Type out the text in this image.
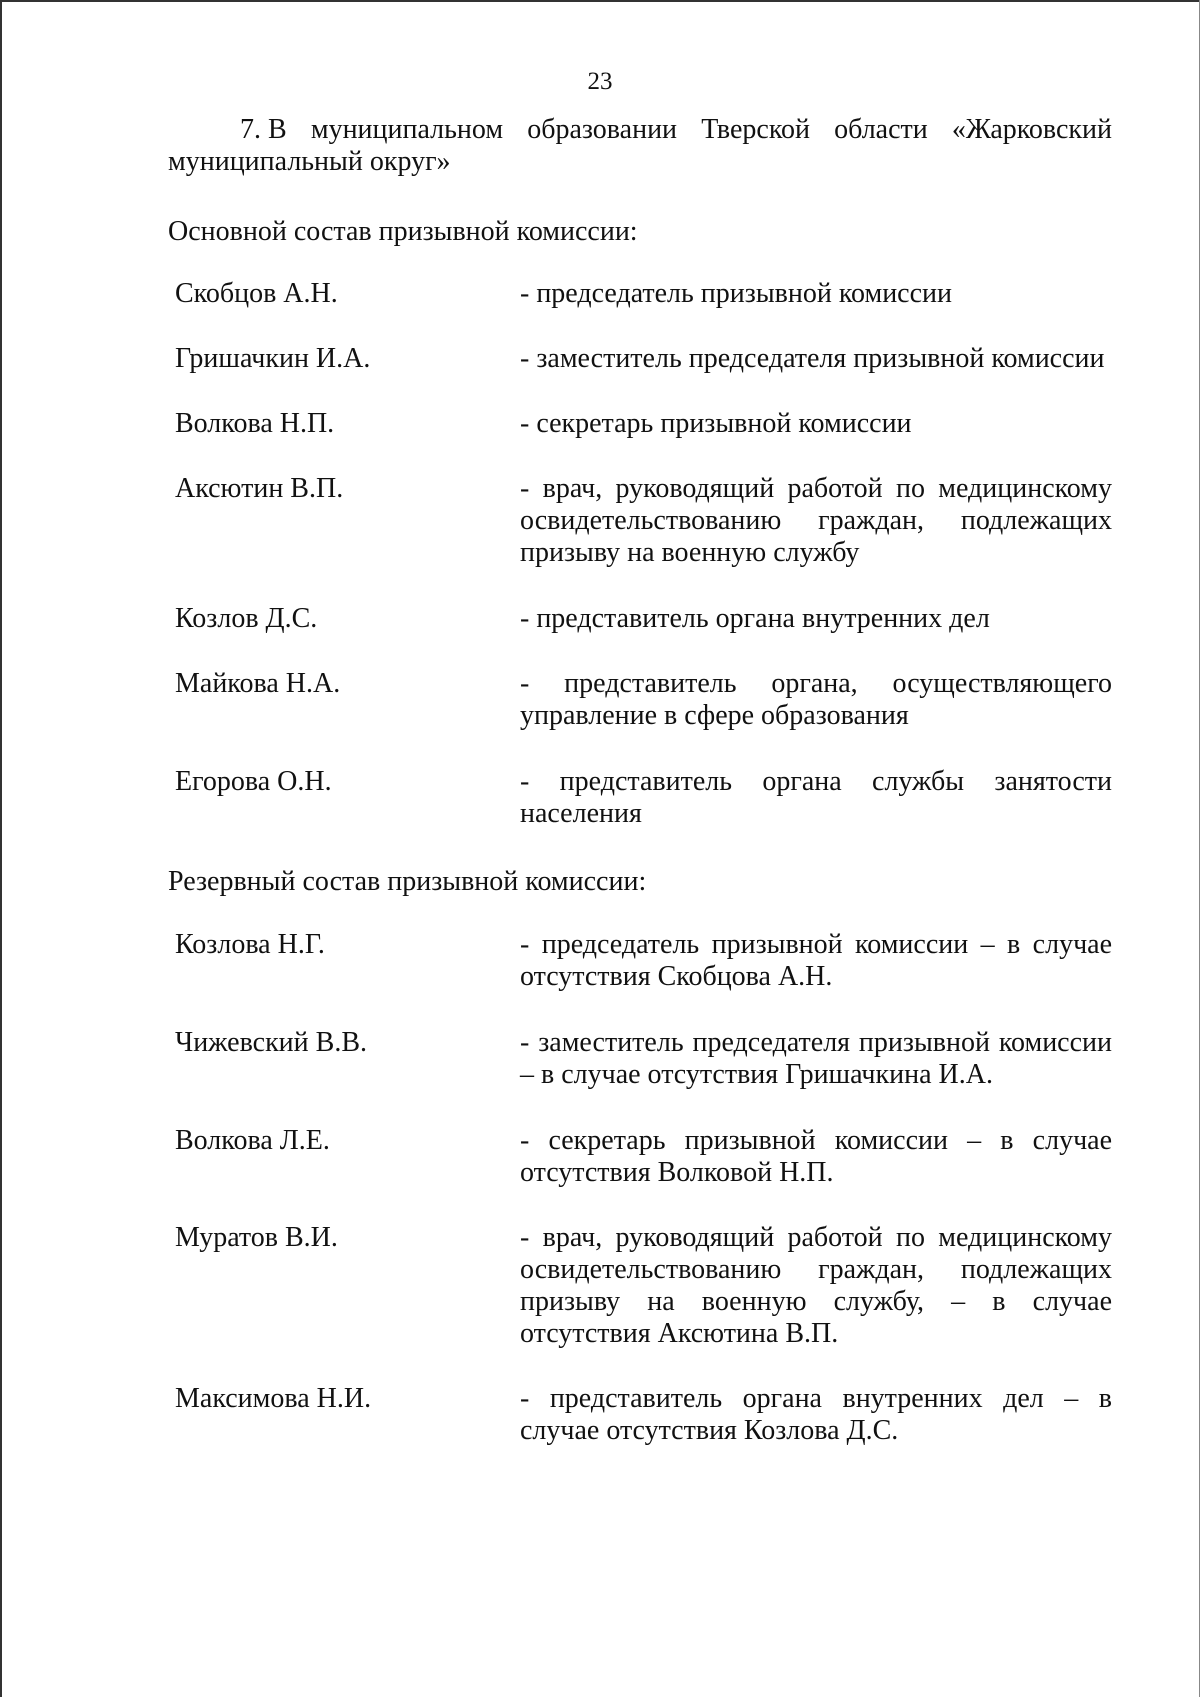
23
7. В муниципальном образовании Тверской области «Жарковский
муниципальный округ»
Основной состав призывной комиссии:
Скобцов А.Н.	- председатель призывной комиссии
Гришачкин И.А.	- заместитель председателя призывной комиссии
Волкова Н.П.	- секретарь призывной комиссии
Аксютин В.П.	- врач, руководящий работой по медицинскому освидетельствованию граждан, подлежащих призыву на военную службу
Козлов Д.С.	- представитель органа внутренних дел
Майкова Н.А.	- представитель органа, осуществляющего управление в сфере образования
Егорова О.Н.	- представитель органа службы занятости населения
Резервный состав призывной комиссии:
Козлова Н.Г.	- председатель призывной комиссии – в случае отсутствия Скобцова А.Н.
Чижевский В.В.	- заместитель председателя призывной комиссии – в случае отсутствия Гришачкина И.А.
Волкова Л.Е.	- секретарь призывной комиссии – в случае отсутствия Волковой Н.П.
Муратов В.И.	- врач, руководящий работой по медицинскому освидетельствованию граждан, подлежащих призыву на военную службу, – в случае отсутствия Аксютина В.П.
Максимова Н.И.	- представитель органа внутренних дел – в случае отсутствия Козлова Д.С.
